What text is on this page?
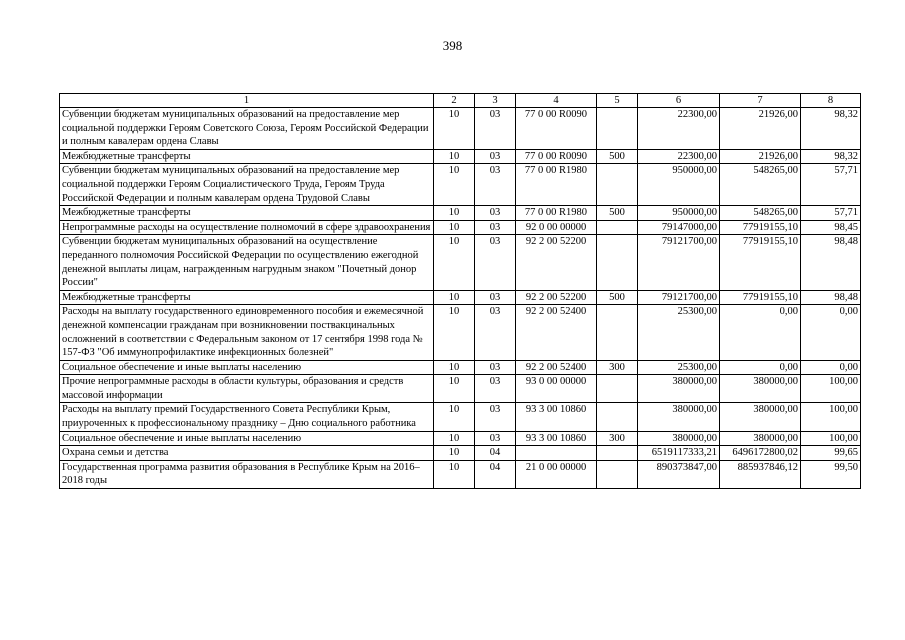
398
1	2	3	4	5	6	7	8
Субвенции бюджетам муниципальных образований на предоставление мер социальной поддержки Героям Советского Союза, Героям Российской Федерации и полным кавалерам ордена Славы	10	03	77 0 00 R0090		22300,00	21926,00	98,32
Межбюджетные трансферты	10	03	77 0 00 R0090	500	22300,00	21926,00	98,32
Субвенции бюджетам муниципальных образований на предоставление мер социальной поддержки Героям Социалистического Труда, Героям Труда Российской Федерации и полным кавалерам ордена Трудовой Славы	10	03	77 0 00 R1980		950000,00	548265,00	57,71
Межбюджетные трансферты	10	03	77 0 00 R1980	500	950000,00	548265,00	57,71
Непрограммные расходы на осуществление полномочий в сфере здравоохранения	10	03	92 0 00 00000		79147000,00	77919155,10	98,45
Субвенции бюджетам муниципальных образований на осуществление переданного полномочия Российской Федерации по осуществлению ежегодной денежной выплаты лицам, награжденным нагрудным знаком "Почетный донор России"	10	03	92 2 00 52200		79121700,00	77919155,10	98,48
Межбюджетные трансферты	10	03	92 2 00 52200	500	79121700,00	77919155,10	98,48
Расходы на выплату государственного единовременного пособия и ежемесячной денежной компенсации гражданам при возникновении поствакцинальных осложнений в соответствии с Федеральным законом от 17 сентября 1998 года № 157-ФЗ "Об иммунопрофилактике инфекционных болезней"	10	03	92 2 00 52400		25300,00	0,00	0,00
Социальное обеспечение и иные выплаты населению	10	03	92 2 00 52400	300	25300,00	0,00	0,00
Прочие непрограммные расходы в области культуры, образования и средств массовой информации	10	03	93 0 00 00000		380000,00	380000,00	100,00
Расходы на выплату премий Государственного Совета Республики Крым, приуроченных к профессиональному празднику – Дню социального работника	10	03	93 3 00 10860		380000,00	380000,00	100,00
Социальное обеспечение и иные выплаты населению	10	03	93 3 00 10860	300	380000,00	380000,00	100,00
Охрана семьи и детства	10	04			6519117333,21	6496172800,02	99,65
Государственная программа развития образования в Республике Крым на 2016–2018 годы	10	04	21 0 00 00000		890373847,00	885937846,12	99,50
